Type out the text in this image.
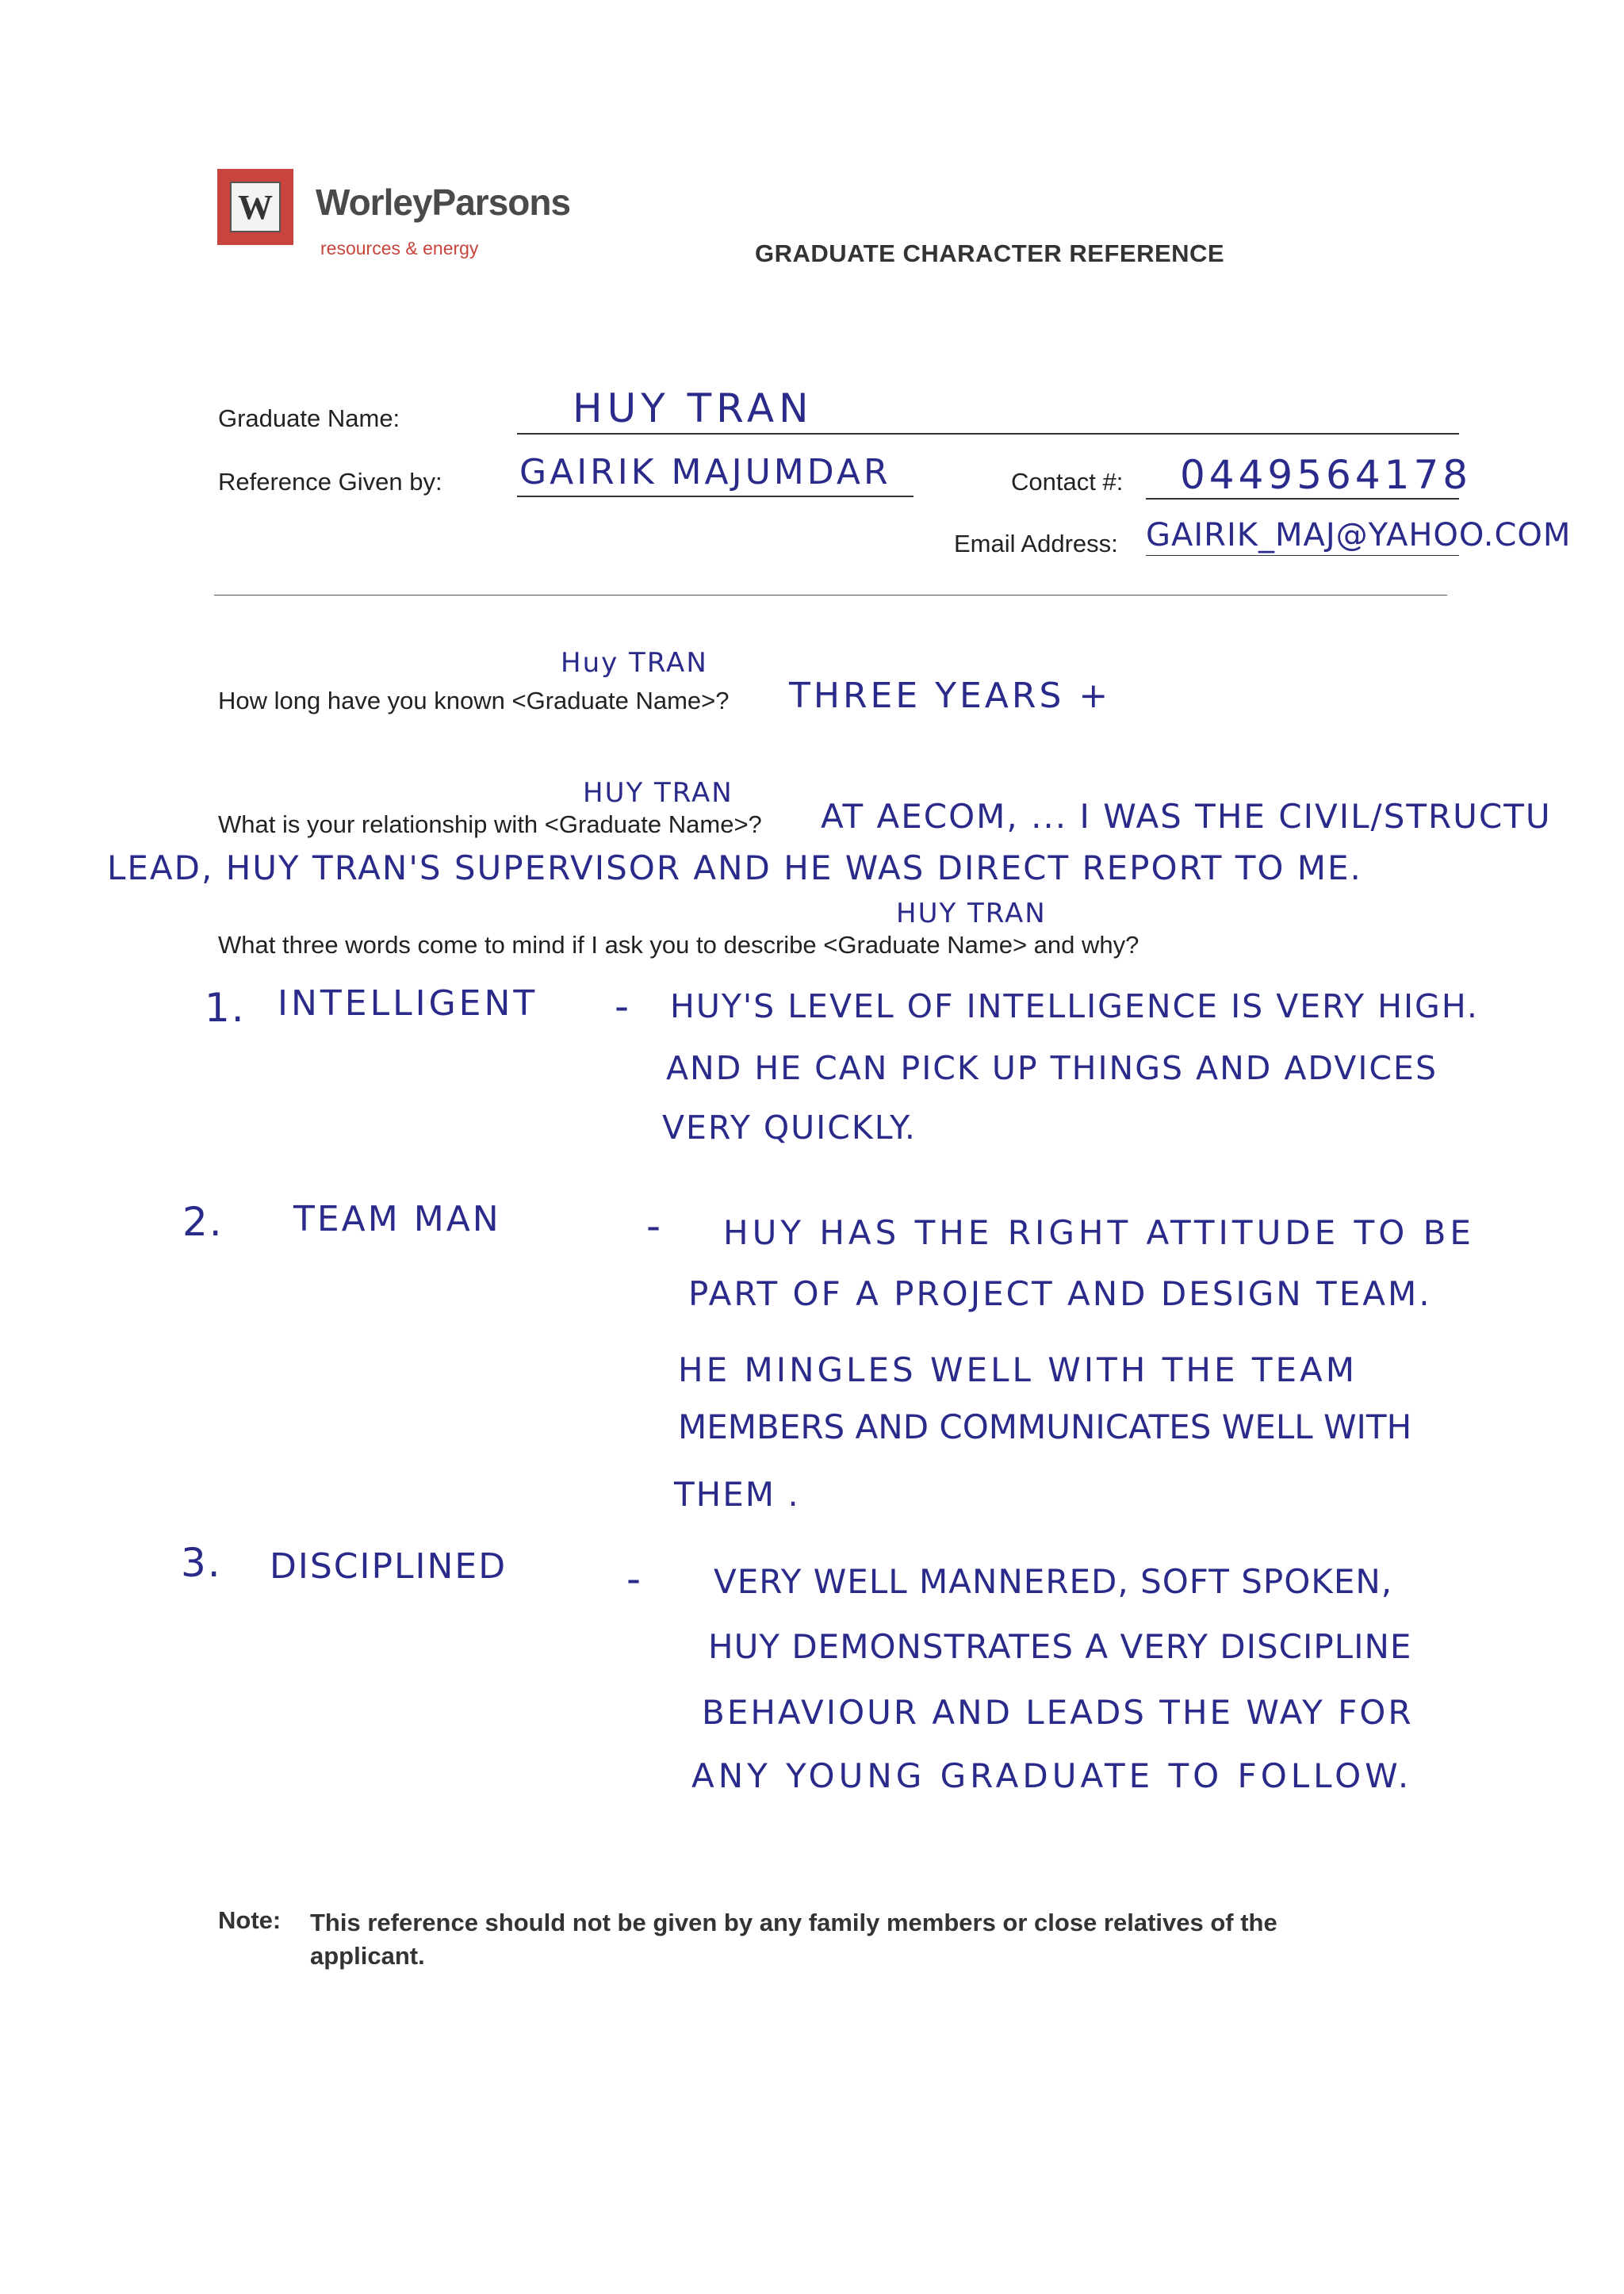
W WorleyParsons
resources & energy	GRADUATE CHARACTER REFERENCE
Graduate Name:	HUY TRAN
Reference Given by: GAIRIK MAJUMDAR	Contact #: 0449564178
Email Address: GAIRIK_MAJ@YAHOO.COM
Huy TRAN
How long have you known <Graduate Name>? THREE YEARS +
HUY TRAN
What is your relationship with <Graduate Name>? AT AECOM, ... I WAS THE CIVIL/STRUCTU
LEAD, HUY TRAN'S SUPERVISOR AND HE WAS DIRECT REPORT TO ME.
HUY TRAN
What three words come to mind if I ask you to describe <Graduate Name> and why?
1. INTELLIGENT - HUY'S LEVEL OF INTELLIGENCE IS VERY HIGH.
AND HE CAN PICK UP THINGS AND ADVICES
VERY QUICKLY.
2. TEAM MAN	- HUY HAS THE RIGHT ATTITUDE TO BE
PART OF A PROJECT AND DESIGN TEAM.
HE MINGLES WELL WITH THE TEAM
MEMBERS AND COMMUNICATES WELL WITH
THEM .
3. DISCIPLINED	- VERY WELL MANNERED, SOFT SPOKEN,
HUY DEMONSTRATES A VERY DISCIPLINE
BEHAVIOUR AND LEADS THE WAY FOR
ANY YOUNG GRADUATE TO FOLLOW.
Note: This reference should not be given by any family members or close relatives of the applicant.
